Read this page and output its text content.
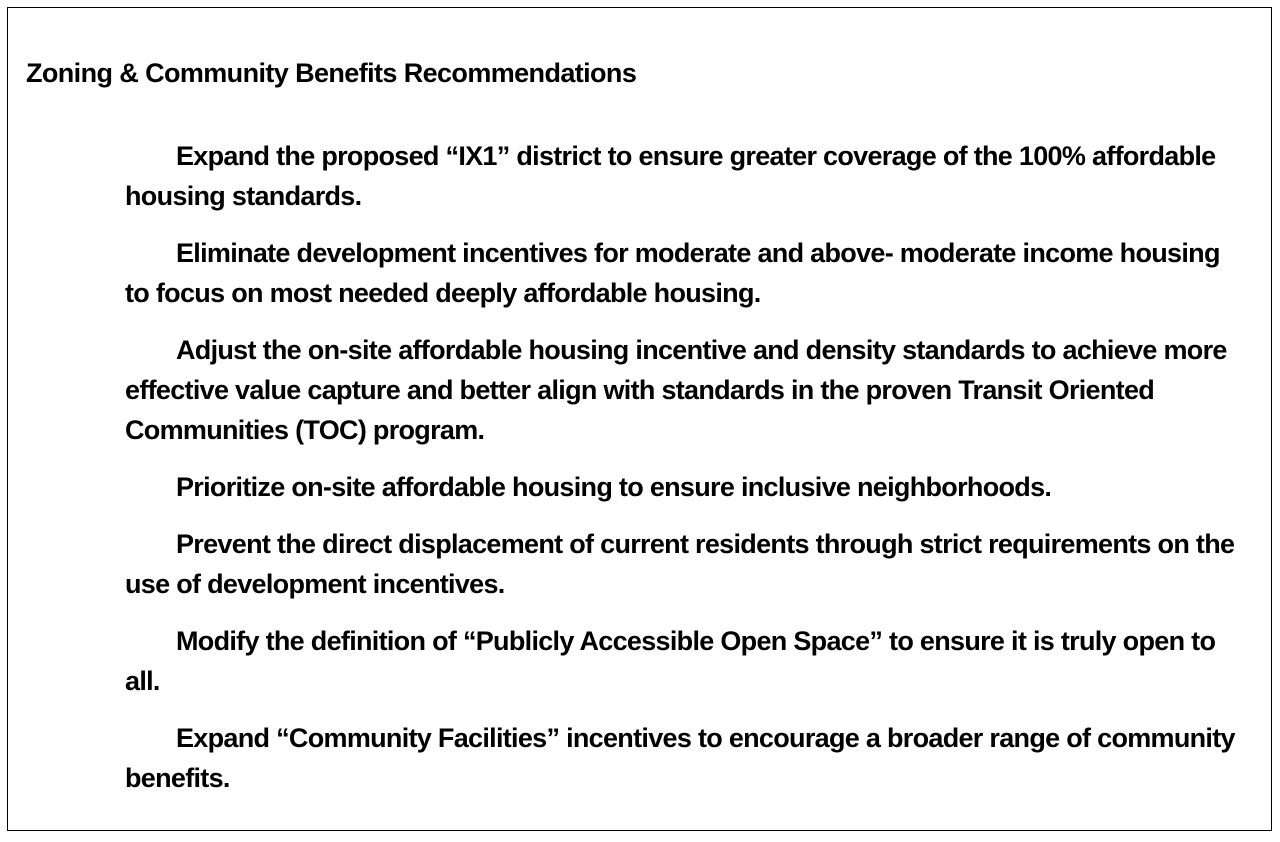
Zoning & Community Benefits Recommendations
Expand the proposed “IX1” district to ensure greater coverage of the 100% affordable housing standards.
Eliminate development incentives for moderate and above- moderate income housing to focus on most needed deeply affordable housing.
Adjust the on-site affordable housing incentive and density standards to achieve more effective value capture and better align with standards in the proven Transit Oriented Communities (TOC) program.
Prioritize on-site affordable housing to ensure inclusive neighborhoods.
Prevent the direct displacement of current residents through strict requirements on the use of development incentives.
Modify the definition of “Publicly Accessible Open Space” to ensure it is truly open to all.
Expand “Community Facilities” incentives to encourage a broader range of community benefits.
